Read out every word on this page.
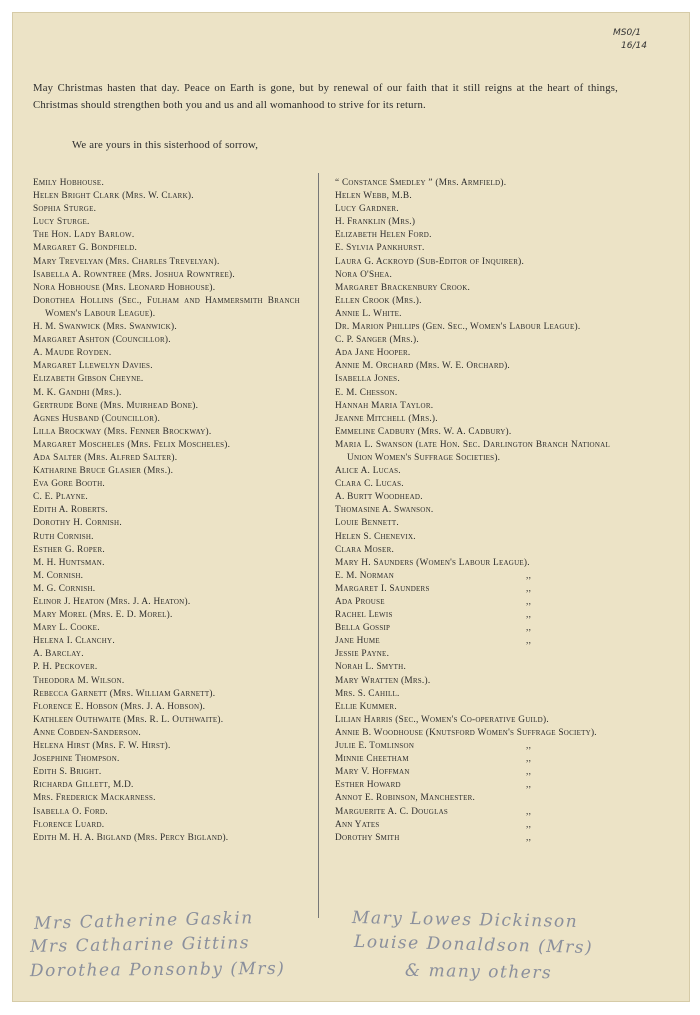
MS0/1
16/14

May Christmas hasten that day. Peace on Earth is gone, but by renewal of our faith that it still reigns at the heart of things, Christmas should strengthen both you and us and all womanhood to strive for its return.

We are yours in this sisterhood of sorrow,
Emily Hobhouse.
Helen Bright Clark (Mrs. W. Clark).
Sophia Sturge.
Lucy Sturge.
The Hon. Lady Barlow.
Margaret G. Bondfield.
Mary Trevelyan (Mrs. Charles Trevelyan).
Isabella A. Rowntree (Mrs. Joshua Rowntree).
Nora Hobhouse (Mrs. Leonard Hobhouse).
Dorothea Hollins (Sec., Fulham and Hammersmith Branch Women's Labour League).
H. M. Swanwick (Mrs. Swanwick).
Margaret Ashton (Councillor).
A. Maude Royden.
Margaret Llewelyn Davies.
Elizabeth Gibson Cheyne.
M. K. Gandhi (Mrs.).
Gertrude Bone (Mrs. Muirhead Bone).
Agnes Husband (Councillor).
Lilla Brockway (Mrs. Fenner Brockway).
Margaret Moscheles (Mrs. Felix Moscheles).
Ada Salter (Mrs. Alfred Salter).
Katharine Bruce Glasier (Mrs.).
Eva Gore Booth.
C. E. Playne.
Edith A. Roberts.
Dorothy H. Cornish.
Ruth Cornish.
Esther G. Roper.
M. H. Huntsman.
M. Cornish.
M. G. Cornish.
Elinor J. Heaton (Mrs. J. A. Heaton).
Mary Morel (Mrs. E. D. Morel).
Mary L. Cooke.
Helena I. Clanchy.
A. Barclay.
P. H. Peckover.
Theodora M. Wilson.
Rebecca Garnett (Mrs. William Garnett).
Florence E. Hobson (Mrs. J. A. Hobson).
Kathleen Outhwaite (Mrs. R. L. Outhwaite).
Anne Cobden-Sanderson.
Helena Hirst (Mrs. F. W. Hirst).
Josephine Thompson.
Edith S. Bright.
Richarda Gillett, M.D.
Mrs. Frederick Mackarness.
Isabella O. Ford.
Florence Luard.
Edith M. H. A. Bigland (Mrs. Percy Bigland).
“ Constance Smedley ” (Mrs. Armfield).
Helen Webb, M.B.
Lucy Gardner.
H. Franklin (Mrs.)
Elizabeth Helen Ford.
E. Sylvia Pankhurst.
Laura G. Ackroyd (Sub-Editor of Inquirer).
Nora O'Shea.
Margaret Brackenbury Crook.
Ellen Crook (Mrs.).
Annie L. White.
Dr. Marion Phillips (Gen. Sec., Women's Labour League).
C. P. Sanger (Mrs.).
Ada Jane Hooper.
Annie M. Orchard (Mrs. W. E. Orchard).
Isabella Jones.
E. M. Chesson.
Hannah Maria Taylor.
Jeanne Mitchell (Mrs.).
Emmeline Cadbury (Mrs. W. A. Cadbury).
Maria L. Swanson (late Hon. Sec. Darlington Branch National Union Women's Suffrage Societies).
Alice A. Lucas.
Clara C. Lucas.
A. Burtt Woodhead.
Thomasine A. Swanson.
Louie Bennett.
Helen S. Chenevix.
Clara Moser.
Mary H. Saunders (Women's Labour League).
E. M. Norman	,,
Margaret I. Saunders	,,
Ada Prouse	,,
Rachel Lewis	,,
Bella Gossip	,,
Jane Hume	,,
Jessie Payne.
Norah L. Smyth.
Mary Wratten (Mrs.).
Mrs. S. Cahill.
Ellie Kummer.
Lilian Harris (Sec., Women's Co-operative Guild).
Annie B. Woodhouse (Knutsford Women's Suffrage Society).
Julie E. Tomlinson	,,
Minnie Cheetham	,,
Mary V. Hoffman	,,
Esther Howard	,,
Annot E. Robinson, Manchester.
Marguerite A. C. Douglas	,,
Ann Yates	,,
Dorothy Smith	,,
Mrs Catherine Gaskin
Mrs Catharine Gittins
Dorothea Ponsonby (Mrs)
Mary Lowes Dickinson
Louise Donaldson (Mrs)
& many others
